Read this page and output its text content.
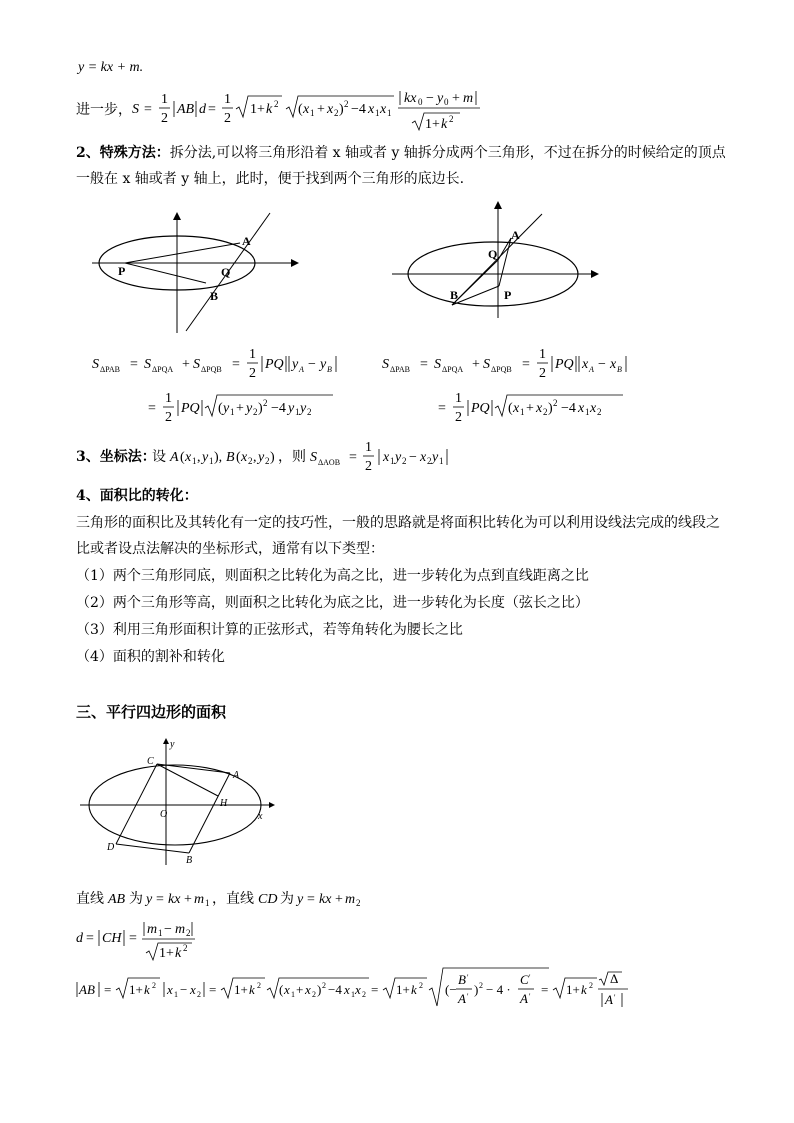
y = kx + m.
进一步， S =
1
2
AB d =
1
2
1+ k 2 ( x 1 + x 2 ) 2 −4 x 1 x 1
kx 0 − y 0 + m
1+ k 2
2、特殊方法：拆分法,可以将三角形沿着 x 轴或者 y 轴拆分成两个三角形，不过在拆分的时候给定的顶点
一般在 x 轴或者 y 轴上，此时，便于找到两个三角形的底边长.
A
P	Q
B
A
Q
B	P
S ΔPAB = S ΔPQA + S ΔPQB =
1
2
PQ y A − y B
=
1
2
PQ ( y 1 + y 2 ) 2 −4 y 1 y 2
S ΔPAB = S ΔPQA + S ΔPQB =
1
2
PQ x A − x B
=
1
2
PQ ( x 1 + x 2 ) 2 −4 x 1 x 2
3、坐标法：
设 A ( x 1 , y 1 ), B ( x 2 , y 2 ) ，则 S ΔAOB =
1
2
x 1 y 2 − x 2 y 1
4、面积比的转化：
三角形的面积比及其转化有一定的技巧性，一般的思路就是将面积比转化为可以利用设线法完成的线段之
比或者设点法解决的坐标形式，通常有以下类型：
（1）两个三角形同底，则面积之比转化为高之比，进一步转化为点到直线距离之比
（2）两个三角形等高，则面积之比转化为底之比，进一步转化为长度（弦长之比）
（3）利用三角形面积计算的正弦形式，若等角转化为腰长之比
（4）面积的割补和转化
三、平行四边形的面积
y
x
C
A
O
H
D
B
直线 AB 为 y = kx + m 1 ，直线 CD 为 y = kx + m 2
d = CH =
m 1 − m 2
1+ k 2
AB = 1+ k 2 x 1 − x 2 = 1+ k 2 ( x 1 + x 2 ) 2 −4 x 1 x 2 = 1+ k 2 (−
B '
A ' ) 2 − 4 ·
C '
A ' = 1+ k 2 Δ
A '
